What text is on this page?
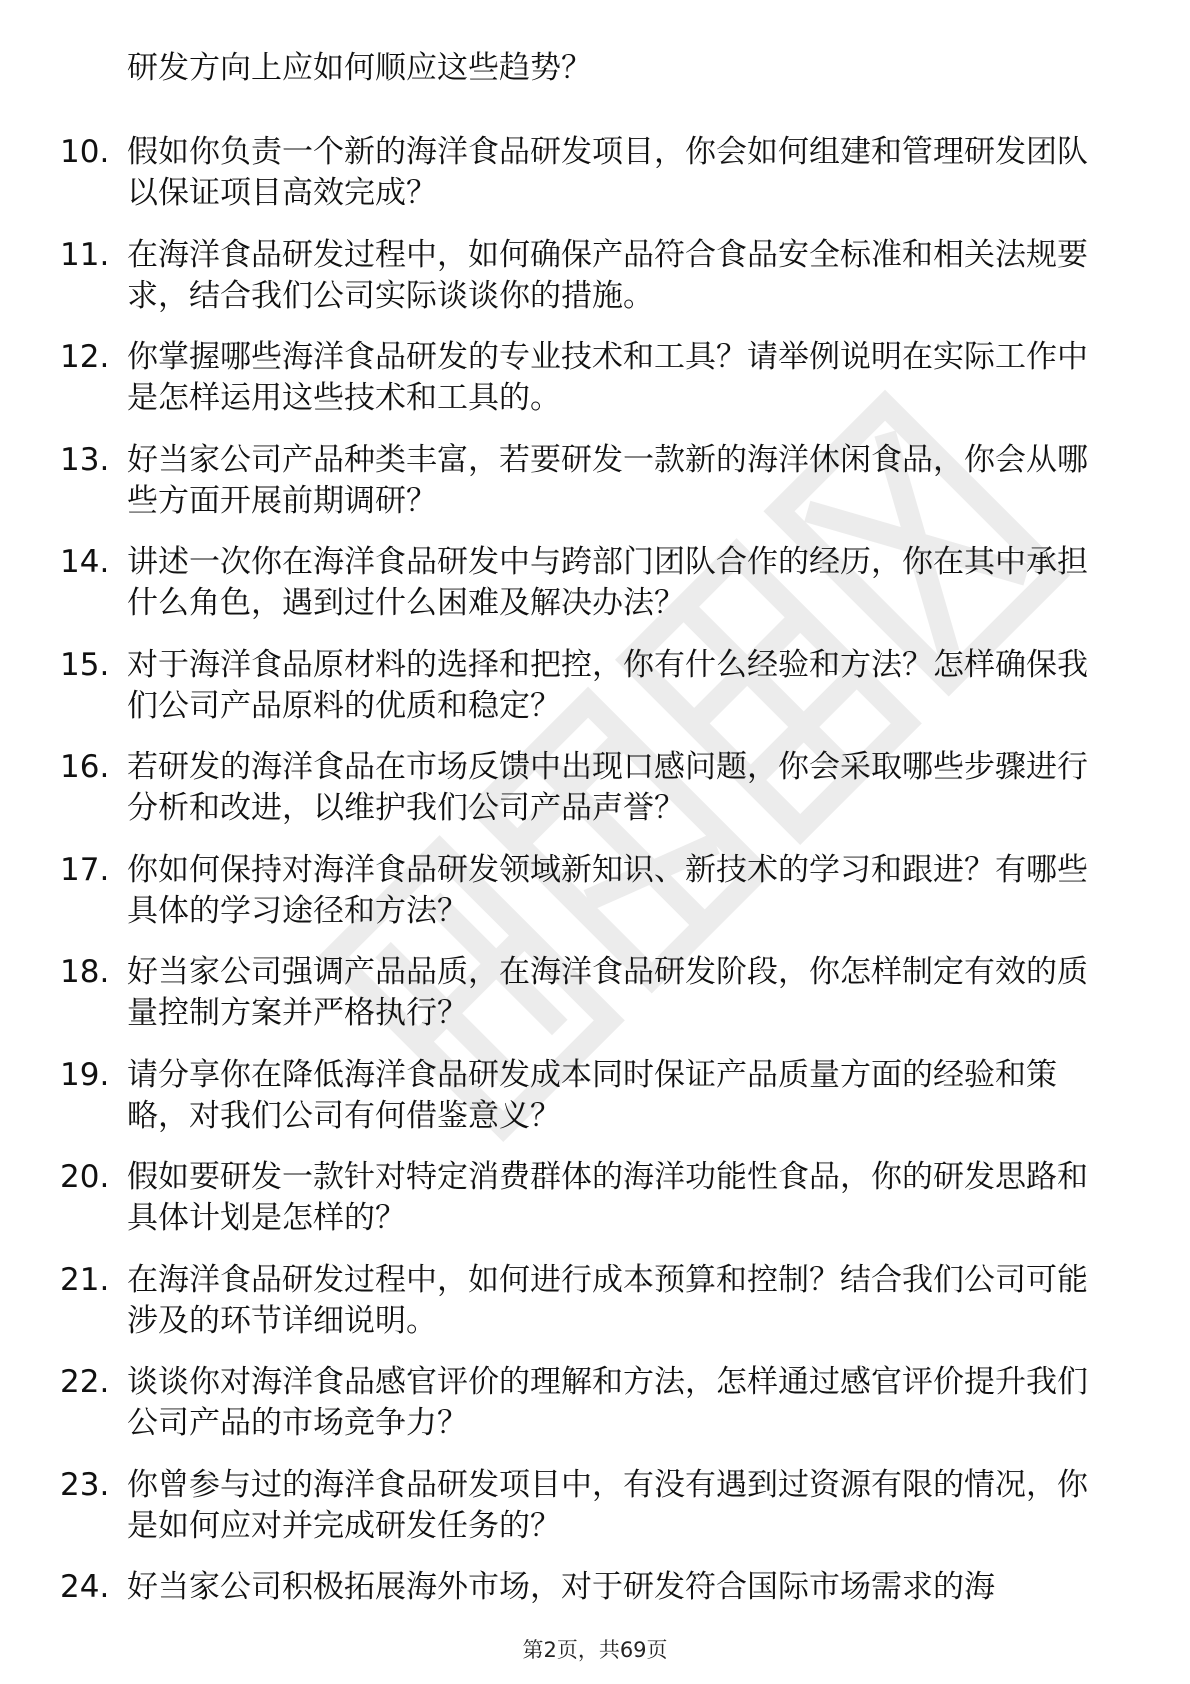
研发方向上应如何顺应这些趋势？

10. 假如你负责一个新的海洋食品研发项目，你会如何组建和管理研发团队以保证项目高效完成？

11. 在海洋食品研发过程中，如何确保产品符合食品安全标准和相关法规要求，结合我们公司实际谈谈你的措施。

12. 你掌握哪些海洋食品研发的专业技术和工具？请举例说明在实际工作中是怎样运用这些技术和工具的。

13. 好当家公司产品种类丰富，若要研发一款新的海洋休闲食品，你会从哪些方面开展前期调研？

14. 讲述一次你在海洋食品研发中与跨部门团队合作的经历，你在其中承担什么角色，遇到过什么困难及解决办法？

15. 对于海洋食品原材料的选择和把控，你有什么经验和方法？怎样确保我们公司产品原料的优质和稳定？

16. 若研发的海洋食品在市场反馈中出现口感问题，你会采取哪些步骤进行分析和改进，以维护我们公司产品声誉？

17. 你如何保持对海洋食品研发领域新知识、新技术的学习和跟进？有哪些具体的学习途径和方法？

18. 好当家公司强调产品品质，在海洋食品研发阶段，你怎样制定有效的质量控制方案并严格执行？

19. 请分享你在降低海洋食品研发成本同时保证产品质量方面的经验和策略，对我们公司有何借鉴意义？

20. 假如要研发一款针对特定消费群体的海洋功能性食品，你的研发思路和具体计划是怎样的？

21. 在海洋食品研发过程中，如何进行成本预算和控制？结合我们公司可能涉及的环节详细说明。

22. 谈谈你对海洋食品感官评价的理解和方法，怎样通过感官评价提升我们公司产品的市场竞争力？

23. 你曾参与过的海洋食品研发项目中，有没有遇到过资源有限的情况，你是如何应对并完成研发任务的？

24. 好当家公司积极拓展海外市场，对于研发符合国际市场需求的海

第2页，共69页
